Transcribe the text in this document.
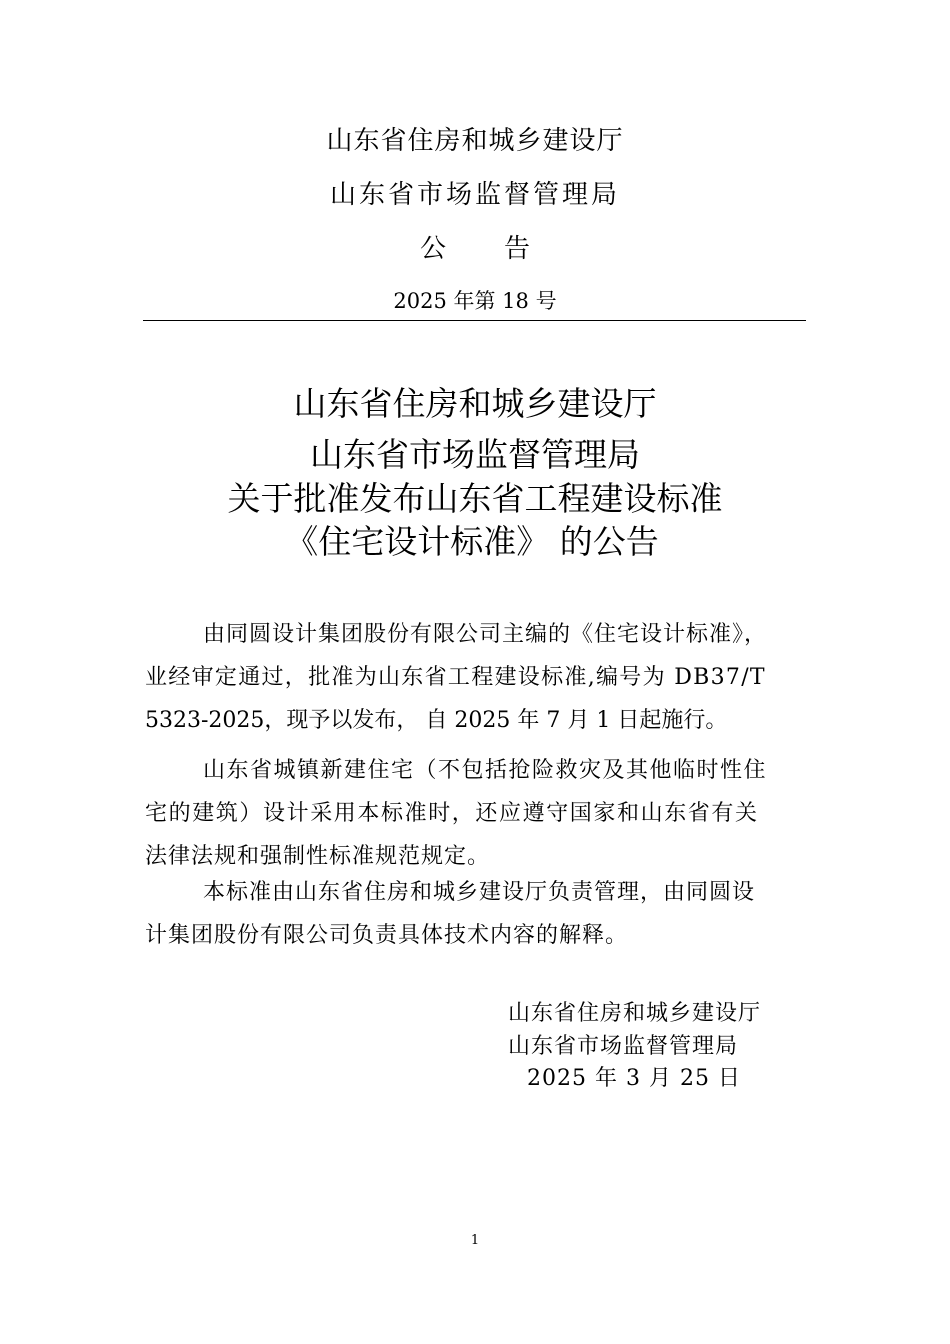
山东省住房和城乡建设厅
山东省市场监督管理局
公 告
2025 年第 18 号
山东省住房和城乡建设厅
山东省市场监督管理局
关于批准发布山东省工程建设标准
《住宅设计标准》 的公告
由同圆设计集团股份有限公司主编的《住宅设计标准》，
业经审定通过，批准为山东省工程建设标准,编号为 DB37/T
5323-2025，现予以发布， 自 2025 年 7 月 1 日起施行。
山东省城镇新建住宅（不包括抢险救灾及其他临时性住
宅的建筑）设计采用本标准时，还应遵守国家和山东省有关
法律法规和强制性标准规范规定。
本标准由山东省住房和城乡建设厅负责管理，由同圆设
计集团股份有限公司负责具体技术内容的解释。
山东省住房和城乡建设厅
山东省市场监督管理局
2025 年 3 月 25 日
1
